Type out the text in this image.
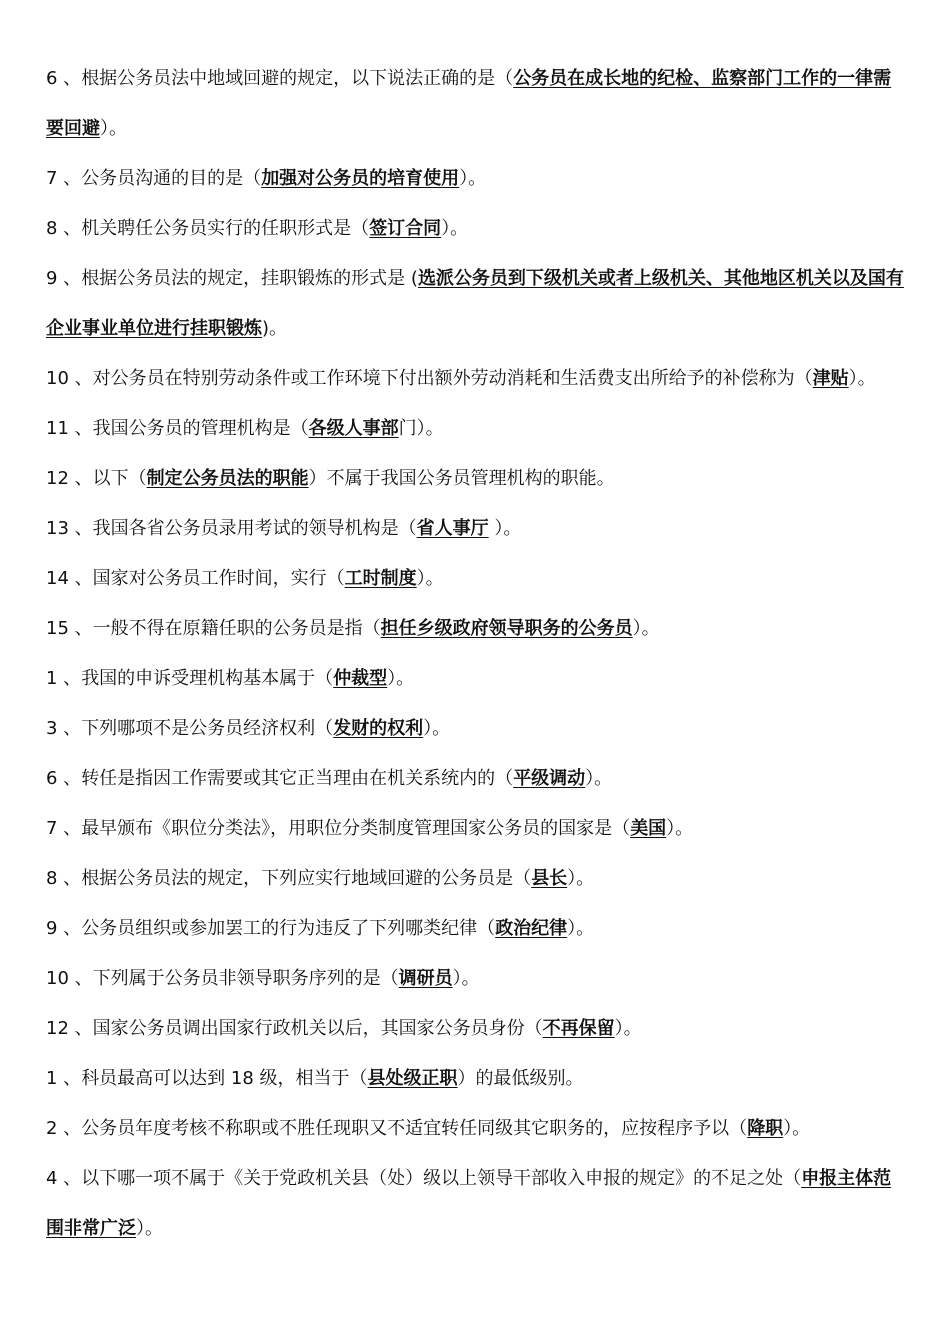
6 、根据公务员法中地域回避的规定，以下说法正确的是（公务员在成长地的纪检、监察部门工作的一律需要回避）。

7 、公务员沟通的目的是（加强对公务员的培育使用）。

8 、机关聘任公务员实行的任职形式是（签订合同）。

9 、根据公务员法的规定，挂职锻炼的形式是 (选派公务员到下级机关或者上级机关、其他地区机关以及国有企业事业单位进行挂职锻炼)。

10 、对公务员在特别劳动条件或工作环境下付出额外劳动消耗和生活费支出所给予的补偿称为（津贴）。

11 、我国公务员的管理机构是（各级人事部门）。

12 、以下（制定公务员法的职能）不属于我国公务员管理机构的职能。

13 、我国各省公务员录用考试的领导机构是（省人事厅 ）。

14 、国家对公务员工作时间，实行（工时制度）。

15 、一般不得在原籍任职的公务员是指（担任乡级政府领导职务的公务员）。

1 、我国的申诉受理机构基本属于（仲裁型）。

3 、下列哪项不是公务员经济权利（发财的权利）。

6 、转任是指因工作需要或其它正当理由在机关系统内的（平级调动）。

7 、最早颁布《职位分类法》，用职位分类制度管理国家公务员的国家是（美国）。

8 、根据公务员法的规定，下列应实行地域回避的公务员是（县长）。

9 、公务员组织或参加罢工的行为违反了下列哪类纪律（政治纪律）。

10 、下列属于公务员非领导职务序列的是（调研员）。

12 、国家公务员调出国家行政机关以后，其国家公务员身份（不再保留）。

1 、科员最高可以达到 18 级，相当于（县处级正职）的最低级别。

2 、公务员年度考核不称职或不胜任现职又不适宜转任同级其它职务的，应按程序予以（降职）。

4 、以下哪一项不属于《关于党政机关县（处）级以上领导干部收入申报的规定》的不足之处（申报主体范围非常广泛）。
